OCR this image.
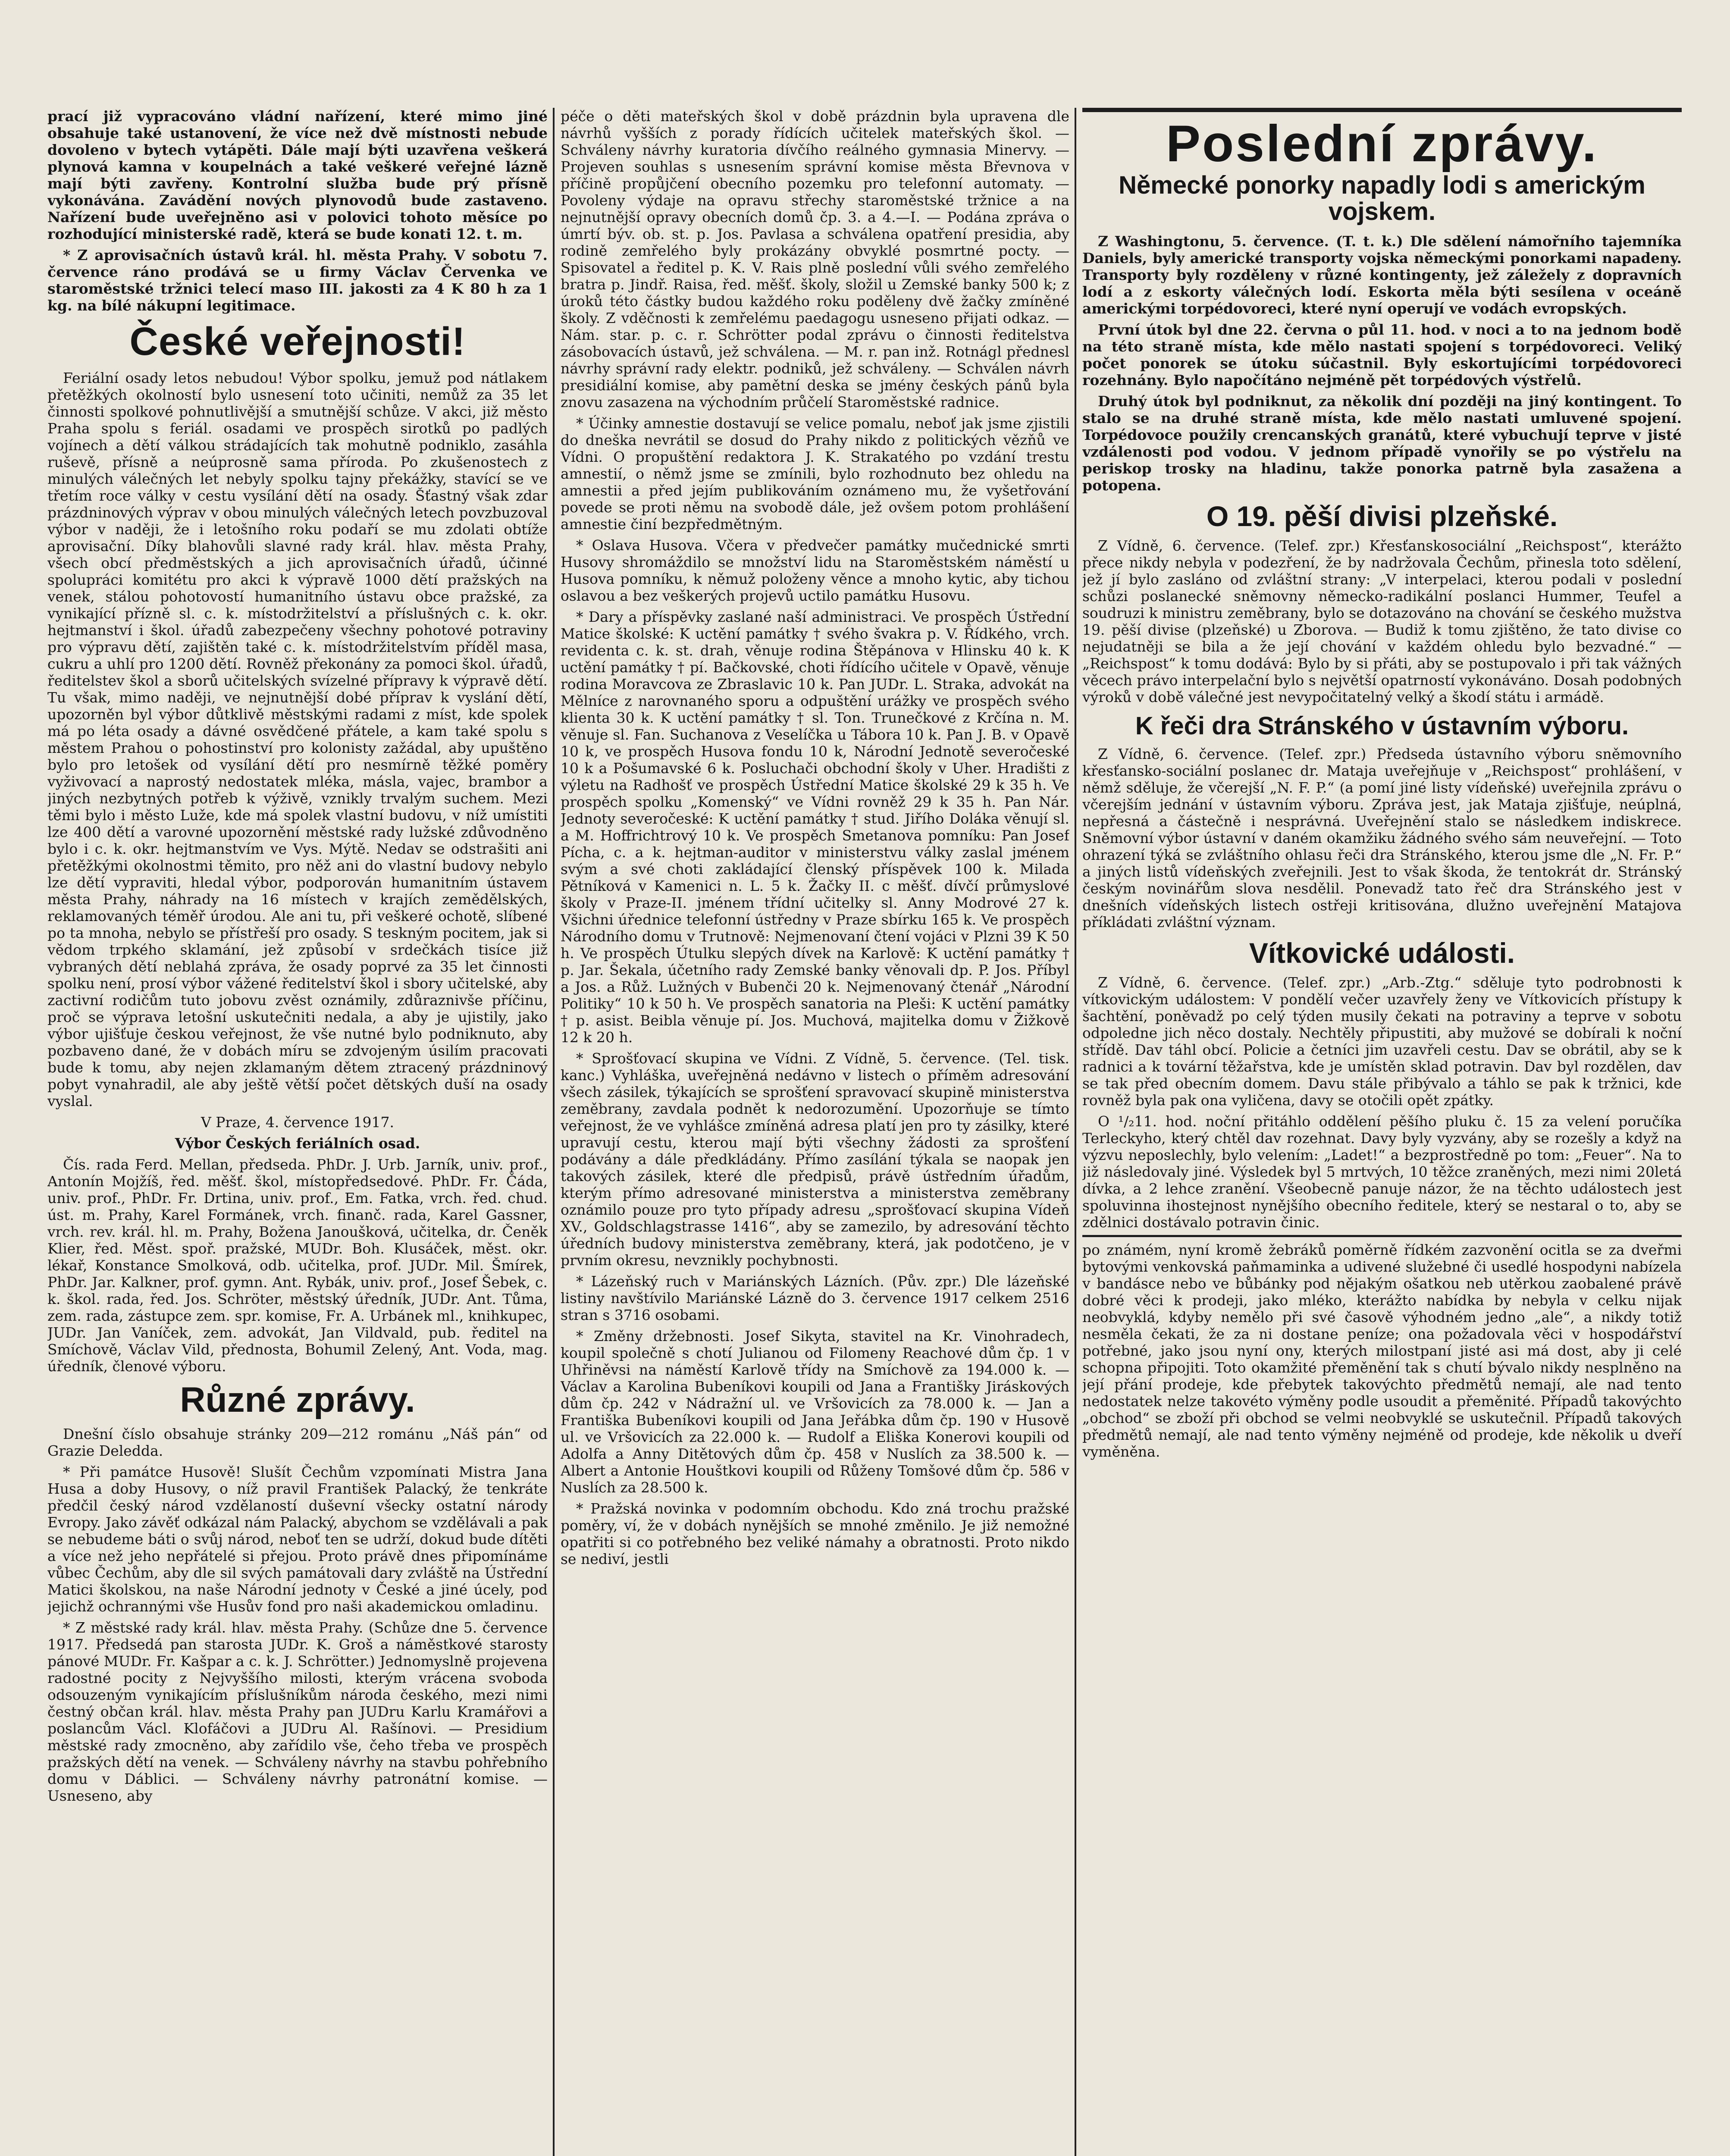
prací již vypracováno vládní nařízení, které mimo jiné obsahuje také ustanovení, že více než dvě místnosti nebude dovoleno v bytech vytápěti. Dále mají býti uzavřena veškerá plynová kamna v koupelnách a také veškeré veřejné lázně mají býti zavřeny. Kontrolní služba bude prý přísně vykonávána. Zavádění nových plynovodů bude zastaveno. Nařízení bude uveřejněno asi v polovici tohoto měsíce po rozhodující ministerské radě, která se bude konati 12. t. m.

* Z aprovisačních ústavů král. hl. města Prahy. V sobotu 7. července ráno prodává se u firmy Václav Červenka ve staroměstské tržnici telecí maso III. jakosti za 4 K 80 h za 1 kg. na bílé nákupní legitimace.

České veřejnosti!

Feriální osady letos nebudou! Výbor spolku, jemuž pod nátlakem přetěžkých okolností bylo usnesení toto učiniti, nemůž za 35 let činnosti spolkové pohnutlivější a smutnější schůze. V akci, již město Praha spolu s feriál. osadami ve prospěch sirotků po padlých vojínech a dětí válkou strádajících tak mohutně podniklo, zasáhla ruševě, přísně a neúprosně sama příroda. Po zkušenostech z minulých válečných let nebyly spolku tajny překážky, stavící se ve třetím roce války v cestu vysílání dětí na osady. Šťastný však zdar prázdninových výprav v obou minulých válečných letech povzbuzoval výbor v naději, že i letošního roku podaří se mu zdolati obtíže aprovisační. Díky blahovůli slavné rady král. hlav. města Prahy, všech obcí předměstských a jich aprovisačních úřadů, účinné spolupráci komitétu pro akci k výpravě 1000 dětí pražských na venek, stálou pohotovostí humanitního ústavu obce pražské, za vynikající přízně sl. c. k. místodržitelství a příslušných c. k. okr. hejtmanství i škol. úřadů zabezpečeny všechny pohotové potraviny pro výpravu dětí, zajištěn také c. k. místodržitelstvím příděl masa, cukru a uhlí pro 1200 dětí. Rovněž překonány za pomoci škol. úřadů, ředitelstev škol a sborů učitelských svízelné přípravy k výpravě dětí. Tu však, mimo naději, ve nejnutnější dobé příprav k vyslání dětí, upozorněn byl výbor důtklivě městskými radami z míst, kde spolek má po léta osady a dávné osvědčené přátele, a kam také spolu s městem Prahou o pohostinství pro kolonisty zažádal, aby upuštěno bylo pro letošek od vysílání dětí pro nesmírně těžké poměry vyživovací a naprostý nedostatek mléka, másla, vajec, brambor a jiných nezbytných potřeb k výživě, vznikly trvalým suchem. Mezi těmi bylo i město Luže, kde má spolek vlastní budovu, v níž umístiti lze 400 dětí a varovné upozornění městské rady lužské zdůvodněno bylo i c. k. okr. hejtmanstvím ve Vys. Mýtě. Nedav se odstrašiti ani přetěžkými okolnostmi těmito, pro něž ani do vlastní budovy nebylo lze dětí vypraviti, hledal výbor, podporován humanitním ústavem města Prahy, náhrady na 16 místech v krajích zemědělských, reklamovaných téměř úrodou. Ale ani tu, při veškeré ochotě, slíbené po ta mnoha, nebylo se přístřeší pro osady. S teskným pocitem, jak si vědom trpkého sklamání, jež způsobí v srdečkách tisíce již vybraných dětí neblahá zpráva, že osady poprvé za 35 let činnosti spolku není, prosí výbor vážené ředitelství škol i sbory učitelské, aby zactivní rodičům tuto jobovu zvěst oznámily, zdůraznivše příčinu, proč se výprava letošní uskutečniti nedala, a aby je ujistily, jako výbor ujišťuje českou veřejnost, že vše nutné bylo podniknuto, aby pozbaveno dané, že v dobách míru se zdvojeným úsilím pracovati bude k tomu, aby nejen zklamaným dětem ztracený prázdninový pobyt vynahradil, ale aby ještě větší počet dětských duší na osady vyslal.

V Praze, 4. července 1917.

Výbor Českých feriálních osad.

Čís. rada Ferd. Mellan, předseda. PhDr. J. Urb. Jarník, univ. prof., Antonín Mojžíš, řed. měšť. škol, místopředsedové. PhDr. Fr. Čáda, univ. prof., PhDr. Fr. Drtina, univ. prof., Em. Fatka, vrch. řed. chud. úst. m. Prahy, Karel Formánek, vrch. finanč. rada, Karel Gassner, vrch. rev. král. hl. m. Prahy, Božena Janoušková, učitelka, dr. Čeněk Klier, řed. Měst. spoř. pražské, MUDr. Boh. Klusáček, měst. okr. lékař, Konstance Smolková, odb. učitelka, prof. JUDr. Mil. Šmírek, PhDr. Jar. Kalkner, prof. gymn. Ant. Rybák, univ. prof., Josef Šebek, c. k. škol. rada, řed. Jos. Schröter, městský úředník, JUDr. Ant. Tůma, zem. rada, zástupce zem. spr. komise, Fr. A. Urbánek ml., knihkupec, JUDr. Jan Vaníček, zem. advokát, Jan Vildvald, pub. ředitel na Smíchově, Václav Vild, přednosta, Bohumil Zelený, Ant. Voda, mag. úředník, členové výboru.

Různé zprávy.

Dnešní číslo obsahuje stránky 209—212 románu „Náš pán“ od Grazie Deledda.

* Při památce Husově! Slušít Čechům vzpomínati Mistra Jana Husa a doby Husovy, o níž pravil František Palacký, že tenkráte předčil český národ vzdělaností duševní všecky ostatní národy Evropy. Jako závěť odkázal nám Palacký, abychom se vzdělávali a pak se nebudeme báti o svůj národ, neboť ten se udrží, dokud bude dítěti a více než jeho nepřátelé si přejou. Proto právě dnes připomínáme vůbec Čechům, aby dle sil svých památovali dary zvláště na Ústřední Matici školskou, na naše Národní jednoty v České a jiné úcely, pod jejichž ochrannými vše Husův fond pro naši akademickou omladinu.

* Z městské rady král. hlav. města Prahy. (Schůze dne 5. července 1917. Předsedá pan starosta JUDr. K. Groš a náměstkové starosty pánové MUDr. Fr. Kašpar a c. k. J. Schrötter.) Jednomyslně projevena radostné pocity z Nejvyššího milosti, kterým vrácena svoboda odsouzeným vynikajícím příslušníkům národa českého, mezi nimi čestný občan král. hlav. města Prahy pan JUDru Karlu Kramářovi a poslancům Václ. Klofáčovi a JUDru Al. Rašínovi. — Presidium městské rady zmocněno, aby zařídilo vše, čeho třeba ve prospěch pražských dětí na venek. — Schváleny návrhy na stavbu pohřebního domu v Dáblici. — Schváleny návrhy patronátní komise. — Usneseno, aby

péče o děti mateřských škol v době prázdnin byla upravena dle návrhů vyšších z porady řídících učitelek mateřských škol. — Schváleny návrhy kuratoria dívčího reálného gymnasia Minervy. — Projeven souhlas s usnesením správní komise města Břevnova v příčině propůjčení obecního pozemku pro telefonní automaty. — Povoleny výdaje na opravu střechy staroměstské tržnice a na nejnutnější opravy obecních domů čp. 3. a 4.—I. — Podána zpráva o úmrtí býv. ob. st. p. Jos. Pavlasa a schválena opatření presidia, aby rodině zemřelého byly prokázány obvyklé posmrtné pocty. — Spisovatel a ředitel p. K. V. Rais plně poslední vůli svého zemřelého bratra p. Jindř. Raisa, řed. měšť. školy, složil u Zemské banky 500 k; z úroků této částky budou každého roku poděleny dvě žačky zmíněné školy. Z vděčnosti k zemřelému paedagogu usneseno přijati odkaz. — Nám. star. p. c. r. Schrötter podal zprávu o činnosti ředitelstva zásobovacích ústavů, jež schválena. — M. r. pan inž. Rotnágl přednesl návrhy správní rady elektr. podniků, jež schváleny. — Schválen návrh presidiální komise, aby pamětní deska se jmény českých pánů byla znovu zasazena na východním průčelí Staroměstské radnice.

* Účinky amnestie dostavují se velice pomalu, neboť jak jsme zjistili do dneška nevrátil se dosud do Prahy nikdo z politických vězňů ve Vídni. O propuštění redaktora J. K. Strakatého po vzdání trestu amnestií, o němž jsme se zmínili, bylo rozhodnuto bez ohledu na amnestii a před jejím publikováním oznámeno mu, že vyšetřování povede se proti němu na svobodě dále, jež ovšem potom prohlášení amnestie činí bezpředmětným.

* Oslava Husova. Včera v předvečer památky mučednické smrti Husovy shromáždilo se množství lidu na Staroměstském náměstí u Husova pomníku, k němuž položeny věnce a mnoho kytic, aby tichou oslavou a bez veškerých projevů uctilo památku Husovu.

* Dary a příspěvky zaslané naší administraci. Ve prospěch Ústřední Matice školské: K uctění památky † svého švakra p. V. Řídkého, vrch. revidenta c. k. st. drah, věnuje rodina Štěpánova v Hlinsku 40 k. K uctění památky † pí. Bačkovské, choti řídícího učitele v Opavě, věnuje rodina Moravcova ze Zbraslavic 10 k. Pan JUDr. L. Straka, advokát na Mělníce z narovnaného sporu a odpuštění urážky ve prospěch svého klienta 30 k. K uctění památky † sl. Ton. Trunečkové z Krčína n. M. věnuje sl. Fan. Suchanova z Veselíčka u Tábora 10 k. Pan J. B. v Opavě 10 k, ve prospěch Husova fondu 10 k, Národní Jednotě severočeské 10 k a Pošumavské 6 k. Posluchači obchodní školy v Uher. Hradišti z výletu na Radhošť ve prospěch Ústřední Matice školské 29 k 35 h. Ve prospěch spolku „Komenský“ ve Vídni rovněž 29 k 35 h. Pan Nár. Jednoty severočeské: K uctění památky † stud. Jiřího Doláka věnují sl. a M. Hoffrichtrový 10 k. Ve prospěch Smetanova pomníku: Pan Josef Pícha, c. a k. hejtman-auditor v ministerstvu války zaslal jménem svým a své choti zakládající členský příspěvek 100 k. Milada Pětníková v Kamenici n. L. 5 k. Žačky II. c měšť. dívčí průmyslové školy v Praze-II. jménem třídní učitelky sl. Anny Modrové 27 k. Všichni úřednice telefonní ústředny v Praze sbírku 165 k. Ve prospěch Národního domu v Trutnově: Nejmenovaní čtení vojáci v Plzni 39 K 50 h. Ve prospěch Útulku slepých dívek na Karlově: K uctění památky † p. Jar. Šekala, účetního rady Zemské banky věnovali dp. P. Jos. Příbyl a Jos. a Růž. Lužných v Bubenči 20 k. Nejmenovaný čtenář „Národní Politiky“ 10 k 50 h. Ve prospěch sanatoria na Pleši: K uctění památky † p. asist. Beibla věnuje pí. Jos. Muchová, majitelka domu v Žižkově 12 k 20 h.

* Sprošťovací skupina ve Vídni. Z Vídně, 5. července. (Tel. tisk. kanc.) Vyhláška, uveřejněná nedávno v listech o příměm adresování všech zásilek, týkajících se sprošťení spravovací skupině ministerstva zeměbrany, zavdala podnět k nedorozumění. Upozorňuje se tímto veřejnost, že ve vyhlášce zmíněná adresa platí jen pro ty zásilky, které upravují cestu, kterou mají býti všechny žádosti za sprošťení podávány a dále předkládány. Přímo zasílání týkala se naopak jen takových zásilek, které dle předpisů, právě ústředním úřadům, kterým přímo adresované ministerstva a ministerstva zeměbrany oznámilo pouze pro tyto případy adresu „sprošťovací skupina Vídeň XV., Goldschlagstrasse 1416“, aby se zamezilo, by adresování těchto úředních budovy ministerstva zeměbrany, která, jak podotčeno, je v prvním okresu, nevznikly pochybnosti.

* Lázeňský ruch v Mariánských Lázních. (Pův. zpr.) Dle lázeňské listiny navštívilo Mariánské Lázně do 3. července 1917 celkem 2516 stran s 3716 osobami.

* Změny držebnosti. Josef Sikyta, stavitel na Kr. Vinohradech, koupil společně s chotí Julianou od Filomeny Reachové dům čp. 1 v Uhřiněvsi na náměstí Karlově třídy na Smíchově za 194.000 k. — Václav a Karolina Bubeníkovi koupili od Jana a Františky Jiráskových dům čp. 242 v Nádražní ul. ve Vršovicích za 78.000 k. — Jan a Františka Bubeníkovi koupili od Jana Jeřábka dům čp. 190 v Husově ul. ve Vršovicích za 22.000 k. — Rudolf a Eliška Konerovi koupili od Adolfa a Anny Ditětových dům čp. 458 v Nuslích za 38.500 k. — Albert a Antonie Houštkovi koupili od Růženy Tomšové dům čp. 586 v Nuslích za 28.500 k.

* Pražská novinka v podomním obchodu. Kdo zná trochu pražské poměry, ví, že v dobách nynějších se mnohé změnilo. Je již nemožné opatřiti si co potřebného bez veliké námahy a obratnosti. Proto nikdo se nediví, jestli

Poslední zprávy.
Německé ponorky napadly lodi s americkým vojskem.

Z Washingtonu, 5. července. (T. t. k.) Dle sdělení námořního tajemníka Daniels, byly americké transporty vojska německými ponorkami napadeny. Transporty byly rozděleny v různé kontingenty, jež záležely z dopravních lodí a z eskorty válečných lodí. Eskorta měla býti sesílena v oceáně americkými torpédovoreci, které nyní operují ve vodách evropských.

První útok byl dne 22. června o půl 11. hod. v noci a to na jednom bodě na této straně místa, kde mělo nastati spojení s torpédovoreci. Veliký počet ponorek se útoku súčastnil. Byly eskortujícími torpédovoreci rozehnány. Bylo napočítáno nejméně pět torpédových výstřelů.

Druhý útok byl podniknut, za několik dní později na jiný kontingent. To stalo se na druhé straně místa, kde mělo nastati umluvené spojení. Torpédovoce použily crencanských granátů, které vybuchují teprve v jisté vzdálenosti pod vodou. V jednom případě vynořily se po výstřelu na periskop trosky na hladinu, takže ponorka patrně byla zasažena a potopena.

O 19. pěší divisi plzeňské.

Z Vídně, 6. července. (Telef. zpr.) Křesťanskosociální „Reichspost“, kterážto přece nikdy nebyla v podezření, že by nadržovala Čechům, přinesla toto sdělení, jež jí bylo zasláno od zvláštní strany: „V interpelaci, kterou podali v poslední schůzi poslanecké sněmovny německo-radikální poslanci Hummer, Teufel a soudruzi k ministru zeměbrany, bylo se dotazováno na chování se českého mužstva 19. pěší divise (plzeňské) u Zborova. — Budiž k tomu zjištěno, že tato divise co nejudatněji se bila a že její chování v každém ohledu bylo bezvadné.“ — „Reichspost“ k tomu dodává: Bylo by si přáti, aby se postupovalo i při tak vážných věcech právo interpelační bylo s největší opatrností vykonáváno. Dosah podobných výroků v době válečné jest nevypočitatelný velký a škodí státu i armádě.

K řeči dra Stránského v ústavním výboru.

Z Vídně, 6. července. (Telef. zpr.) Předseda ústavního výboru sněmovního křesťansko-sociální poslanec dr. Mataja uveřejňuje v „Reichspost“ prohlášení, v němž sděluje, že včerejší „N. F. P.“ (a pomí jiné listy vídeňské) uveřejnila zprávu o včerejším jednání v ústavním výboru. Zpráva jest, jak Mataja zjišťuje, neúplná, nepřesná a částečně i nesprávná. Uveřejnění stalo se následkem indiskrece. Sněmovní výbor ústavní v daném okamžiku žádného svého sám neuveřejní. — Toto ohrazení týká se zvláštního ohlasu řeči dra Stránského, kterou jsme dle „N. Fr. P.“ a jiných listů vídeňských zveřejnili. Jest to však škoda, že tentokrát dr. Stránský českým novinářům slova nesdělil. Ponevadž tato řeč dra Stránského jest v dnešních vídeňských listech ostřeji kritisována, dlužno uveřejnění Matajova příkládati zvláštní význam.

Vítkovické události.

Z Vídně, 6. července. (Telef. zpr.) „Arb.-Ztg.“ sděluje tyto podrobnosti k vítkovickým událostem: V pondělí večer uzavřely ženy ve Vítkovicích přístupy k šachtění, poněvadž po celý týden musily čekati na potraviny a teprve v sobotu odpoledne jich něco dostaly. Nechtěly připustiti, aby mužové se dobírali k noční střídě. Dav táhl obcí. Policie a četníci jim uzavřeli cestu. Dav se obrátil, aby se k radnici a k tovární těžařstva, kde je umístěn sklad potravin. Dav byl rozdělen, dav se tak před obecním domem. Davu stále přibývalo a táhlo se pak k tržnici, kde rovněž byla pak ona vyličena, davy se otočili opět zpátky.

O ¹/₂11. hod. noční přitáhlo oddělení pěšího pluku č. 15 za velení poručíka Terleckyho, který chtěl dav rozehnat. Davy byly vyzvány, aby se rozešly a když na výzvu neposlechly, bylo velením: „Ladet!“ a bezprostředně po tom: „Feuer“. Na to již následovaly jiné. Výsledek byl 5 mrtvých, 10 těžce zraněných, mezi nimi 20letá dívka, a 2 lehce zranění. Všeobecně panuje názor, že na těchto událostech jest spoluvinna ihostejnost nynějšího obecního ředitele, který se nestaral o to, aby se zdělnici dostávalo potravin činic.

po známém, nyní kromě žebráků poměrně řídkém zazvonění ocitla se za dveřmi bytovými venkovská paňmaminka a udivené služebné či usedlé hospodyni nabízela v bandásce nebo ve bůbánky pod nějakým ošatkou neb utěrkou zaobalené právě dobré věci k prodeji, jako mléko, kterážto nabídka by nebyla v celku nijak neobvyklá, kdyby nemělo při své časově výhodném jedno „ale“, a nikdy totiž nesměla čekati, že za ni dostane peníze; ona požadovala věci v hospodářství potřebné, jako jsou nyní ony, kterých milostpaní jisté asi má dost, aby ji celé schopna připojiti. Toto okamžité přeměnění tak s chutí bývalo nikdy nesplněno na její přání prodeje, kde přebytek takovýchto předmětů nemají, ale nad tento nedostatek nelze takovéto výměny podle usoudit a přeměnité. Případů takovýchto „obchod“ se zboží při obchod se velmi neobvyklé se uskutečnil. Případů takových předmětů nemají, ale nad tento výměny nejméně od prodeje, kde několik u dveří vyměněna.
